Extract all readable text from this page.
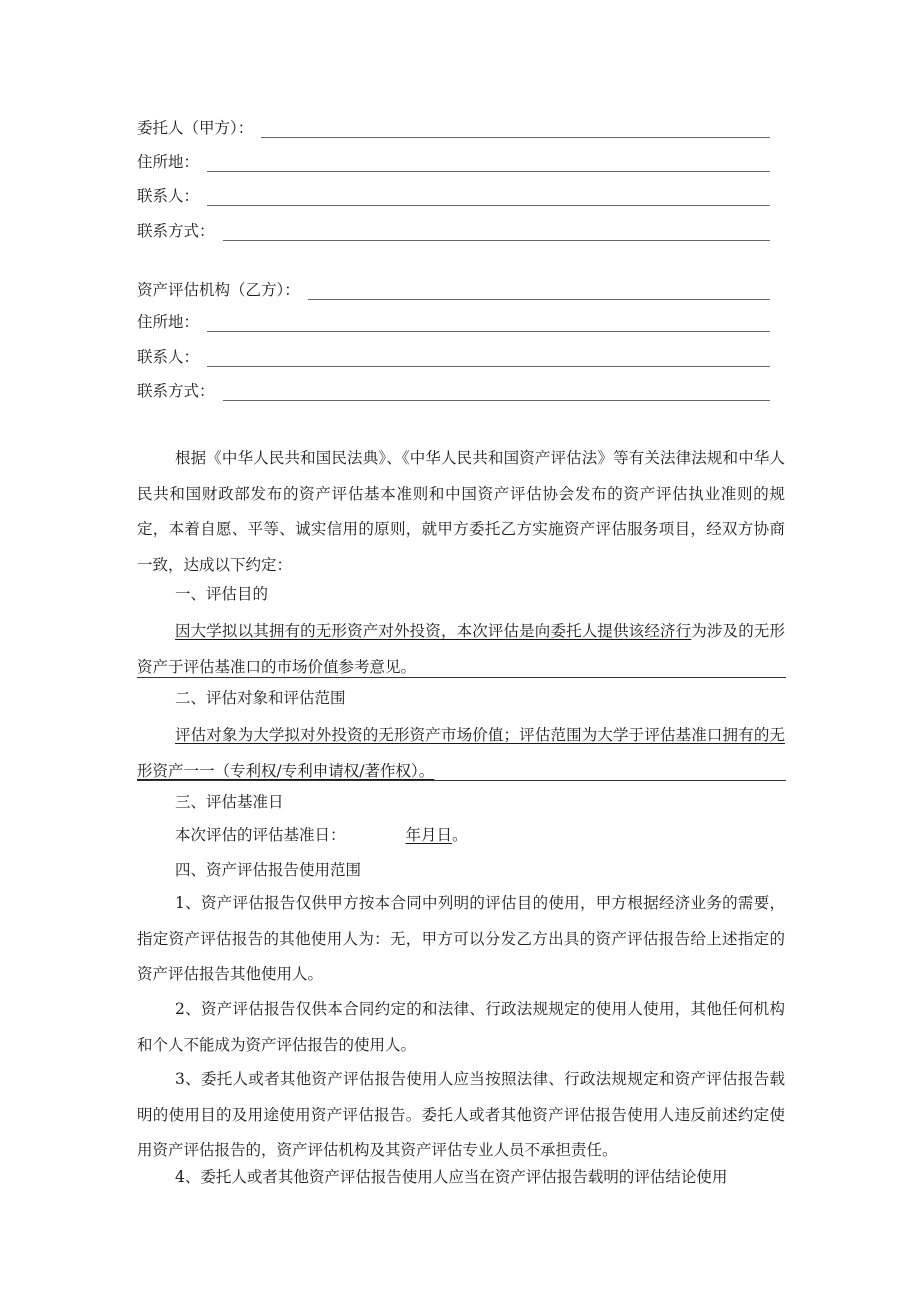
委托人（甲方）：
住所地：
联系人：
联系方式：
资产评估机构（乙方）：
住所地：
联系人：
联系方式：
根据《中华人民共和国民法典》、《中华人民共和国资产评估法》等有关法律法规和中华人民共和国财政部发布的资产评估基本准则和中国资产评估协会发布的资产评估执业准则的规定，本着自愿、平等、诚实信用的原则，就甲方委托乙方实施资产评估服务项目，经双方协商一致，达成以下约定：
一、评估目的
因大学拟以其拥有的无形资产对外投资，本次评估是向委托人提供该经济行为涉及的无形资产于评估基准口的市场价值参考意见。
二、评估对象和评估范围
评估对象为大学拟对外投资的无形资产市场价值；评估范围为大学于评估基准口拥有的无形资产一一（专利权/专利申请权/著作权）。
三、评估基准日
本次评估的评估基准日：	年月日。
四、资产评估报告使用范围
1、资产评估报告仅供甲方按本合同中列明的评估目的使用，甲方根据经济业务的需要，指定资产评估报告的其他使用人为：无，甲方可以分发乙方出具的资产评估报告给上述指定的资产评估报告其他使用人。
2、资产评估报告仅供本合同约定的和法律、行政法规规定的使用人使用，其他任何机构和个人不能成为资产评估报告的使用人。
3、委托人或者其他资产评估报告使用人应当按照法律、行政法规规定和资产评估报告载明的使用目的及用途使用资产评估报告。委托人或者其他资产评估报告使用人违反前述约定使用资产评估报告的，资产评估机构及其资产评估专业人员不承担责任。
4、委托人或者其他资产评估报告使用人应当在资产评估报告载明的评估结论使用
